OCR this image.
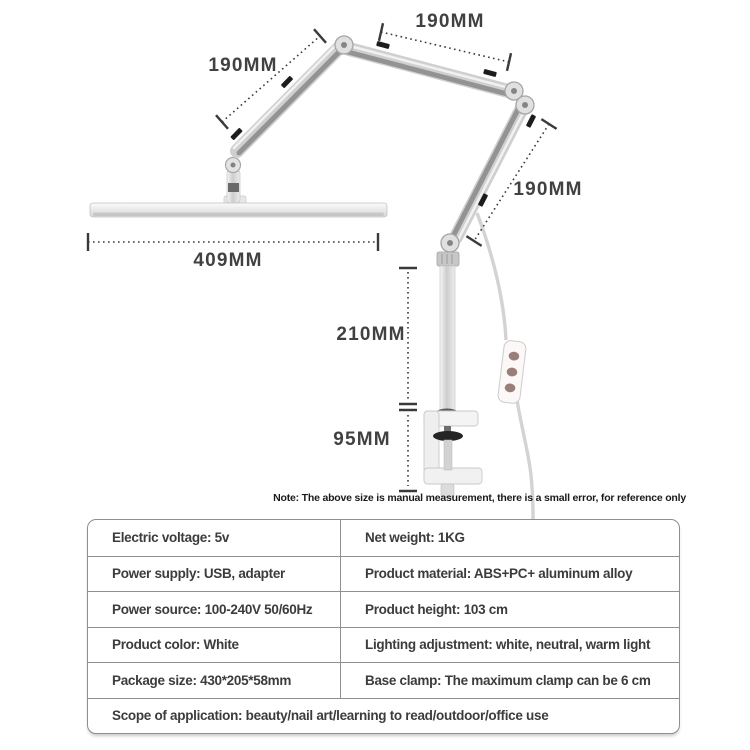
190MM
190MM
190MM
409MM
210MM
95MM
Note: The above size is manual measurement, there is a small error, for reference only
Electric voltage: 5v	Net weight: 1KG
Power supply: USB, adapter	Product material: ABS+PC+ aluminum alloy
Power source: 100-240V 50/60Hz	Product height: 103 cm
Product color: White	Lighting adjustment: white, neutral, warm light
Package size: 430*205*58mm	Base clamp: The maximum clamp can be 6 cm
Scope of application: beauty/nail art/learning to read/outdoor/office use
